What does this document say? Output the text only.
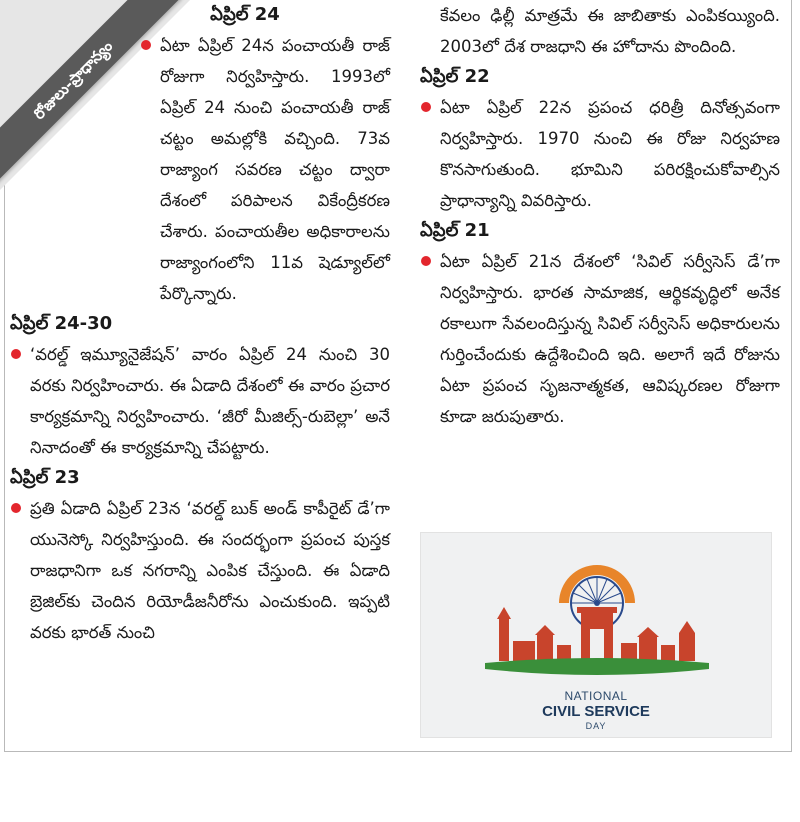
రోజులు-ప్రాధాన్యం

ఏప్రిల్ 24

ఏటా ఏప్రిల్ 24న పంచాయతీ రాజ్ రోజుగా నిర్వహిస్తారు. 1993లో ఏప్రిల్ 24 నుంచి పంచాయతీ రాజ్ చట్టం అమల్లోకి వచ్చింది. 73వ రాజ్యాంగ సవరణ చట్టం ద్వారా దేశంలో పరిపాలన వికేంద్రీకరణ చేశారు. పంచాయతీల అధికారాలను రాజ్యాంగంలోని 11వ షెడ్యూల్‌లో పేర్కొన్నారు.

ఏప్రిల్ 24-30

‘వరల్డ్ ఇమ్యూనైజేషన్’ వారం ఏప్రిల్ 24 నుంచి 30 వరకు నిర్వహించారు. ఈ ఏడాది దేశంలో ఈ వారం ప్రచార కార్యక్రమాన్ని నిర్వహించారు. ‘జీరో మీజిల్స్-రుబెల్లా’ అనే నినాదంతో ఈ కార్యక్రమాన్ని చేపట్టారు.

ఏప్రిల్ 23

ప్రతి ఏడాది ఏప్రిల్ 23న ‘వరల్డ్ బుక్ అండ్ కాపీరైట్ డే’గా యునెస్కో నిర్వహిస్తుంది. ఈ సందర్భంగా ప్రపంచ పుస్తక రాజధానిగా ఒక నగరాన్ని ఎంపిక చేస్తుంది. ఈ ఏడాది బ్రెజిల్‌కు చెందిన రియోడీజనీరోను ఎంచుకుంది. ఇప్పటి వరకు భారత్ నుంచి

కేవలం ఢిల్లీ మాత్రమే ఈ జాబితాకు ఎంపికయ్యింది. 2003లో దేశ రాజధాని ఈ హోదాను పొందింది.

ఏప్రిల్ 22

ఏటా ఏప్రిల్ 22న ప్రపంచ ధరిత్రీ దినోత్సవంగా నిర్వహిస్తారు. 1970 నుంచి ఈ రోజు నిర్వహణ కొనసాగుతుంది. భూమిని పరిరక్షించుకోవాల్సిన ప్రాధాన్యాన్ని వివరిస్తారు.

ఏప్రిల్ 21

ఏటా ఏప్రిల్ 21న దేశంలో ‘సివిల్ సర్వీసెస్ డే’గా నిర్వహిస్తారు. భారత సామాజిక, ఆర్థికవృద్ధిలో అనేక రకాలుగా సేవలందిస్తున్న సివిల్ సర్వీసెస్ అధికారులను గుర్తించేందుకు ఉద్దేశించింది ఇది. అలాగే ఇదే రోజును ఏటా ప్రపంచ సృజనాత్మకత, ఆవిష్కరణల రోజుగా కూడా జరుపుతారు.

NATIONAL
CIVIL SERVICE
DAY
